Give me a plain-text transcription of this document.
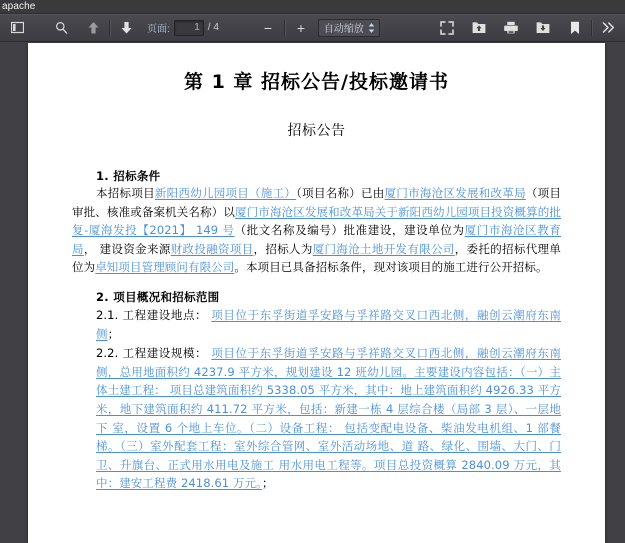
apache
页面:
1	/ 4	− + 自动缩放
第 1 章 招标公告/投标邀请书
招标公告

1. 招标条件

本招标项目新阳西幼儿园项目（施工）（项目名称）已由厦门市海沧区发展和改革局（项目审批、核准或备案机关名称）以厦门市海沧区发展和改革局关于新阳西幼儿园项目投资概算的批复-厦海发投【2021】 149 号（批文名称及编号）批准建设，建设单位为厦门市海沧区教育局， 建设资金来源财政投融资项目，招标人为厦门海沧土地开发有限公司，委托的招标代理单位为卓知项目管理顾问有限公司。本项目已具备招标条件，现对该项目的施工进行公开招标。

2. 项目概况和招标范围

2.1. 工程建设地点： 项目位于东孚街道孚安路与孚祥路交叉口西北侧，融创云潮府东南侧；

2.2. 工程建设规模： 项目位于东孚街道孚安路与孚祥路交叉口西北侧，融创云潮府东南侧，总用地面积约 4237.9 平方米，规划建设 12 班幼儿园。主要建设内容包括：（一）主体土建工程： 项目总建筑面积约 5338.05 平方米，其中：地上建筑面积约 4926.33 平方米，地下建筑面积约 411.72 平方米，包括：新建一栋 4 层综合楼（局部 3 层）、一层地下 室，设置 6 个地上车位。（二）设备工程： 包括变配电设备、柴油发电机组、1 部餐梯。（三）室外配套工程：室外综合管网、室外活动场地、道 路、绿化、围墙、大门、门卫、升旗台、正式用水用电及施工 用水用电工程等。项目总投资概算 2840.09 万元，其中：建安工程费 2418.61 万元。；
